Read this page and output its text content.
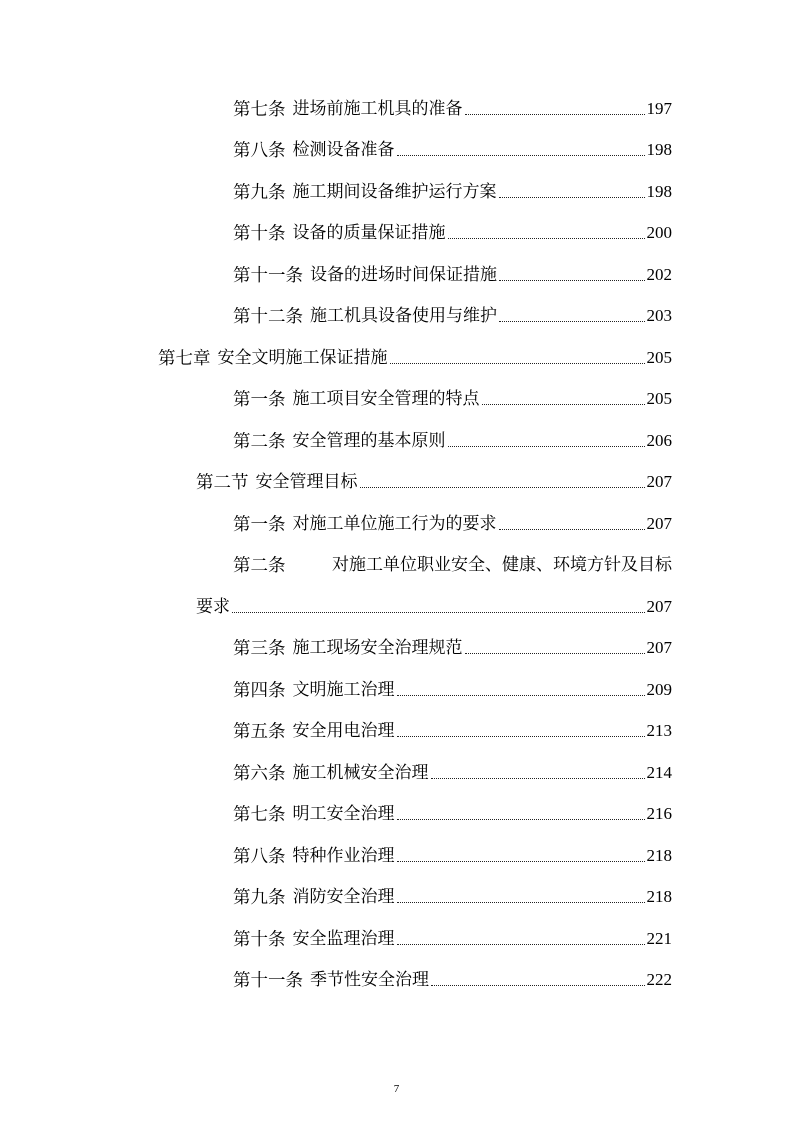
第七条 进场前施工机具的准备	197
第八条 检测设备准备	198
第九条 施工期间设备维护运行方案	198
第十条 设备的质量保证措施	200
第十一条 设备的进场时间保证措施	202
第十二条 施工机具设备使用与维护	203
第七章 安全文明施工保证措施	205
第一条 施工项目安全管理的特点	205
第二条 安全管理的基本原则	206
第二节 安全管理目标	207
第一条 对施工单位施工行为的要求	207
第二条	对施工单位职业安全、健康、环境方针及目标
要求	207
第三条 施工现场安全治理规范	207
第四条 文明施工治理	209
第五条 安全用电治理	213
第六条 施工机械安全治理	214
第七条 明工安全治理	216
第八条 特种作业治理	218
第九条 消防安全治理	218
第十条 安全监理治理	221
第十一条 季节性安全治理	222
7
